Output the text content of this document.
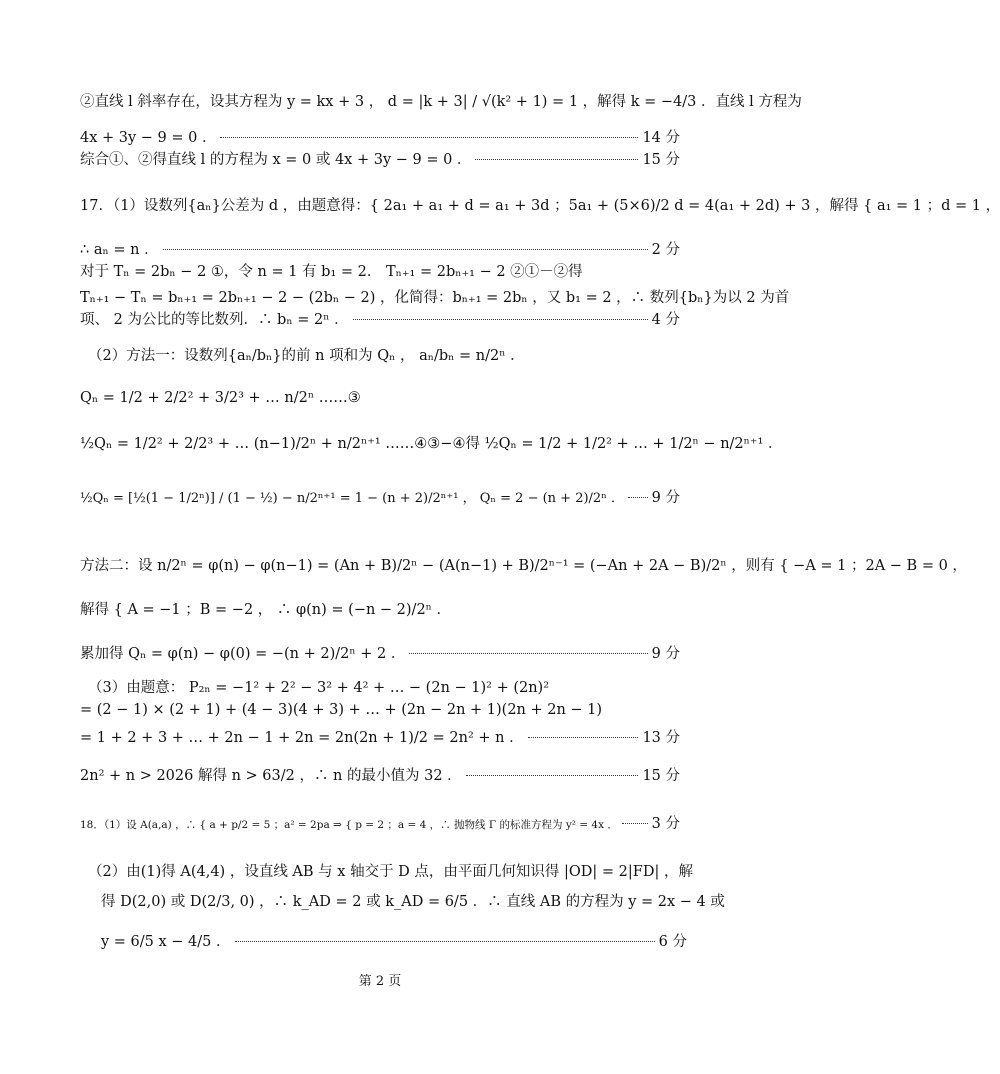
②直线 l 斜率存在，设其方程为 y = kx + 3 ， d = |k + 3| / √(k² + 1) = 1 ，解得 k = −4/3 ．直线 l 方程为
4x + 3y − 9 = 0 ．	14 分
综合①、②得直线 l 的方程为 x = 0 或 4x + 3y − 9 = 0 ．	15 分
17．（1）设数列{aₙ}公差为 d ，由题意得：{ 2a₁ + a₁ + d = a₁ + 3d ；5a₁ + (5×6)/2 d = 4(a₁ + 2d) + 3 ，解得 { a₁ = 1 ；d = 1 ，
∴ aₙ = n ．	2 分
对于 Tₙ = 2bₙ − 2 ①，令 n = 1 有 b₁ = 2． Tₙ₊₁ = 2bₙ₊₁ − 2 ②①－②得
Tₙ₊₁ − Tₙ = bₙ₊₁ = 2bₙ₊₁ − 2 − (2bₙ − 2) ，化简得：bₙ₊₁ = 2bₙ ，又 b₁ = 2 ，∴ 数列{bₙ}为以 2 为首
项、 2 为公比的等比数列．∴ bₙ = 2ⁿ ．	4 分
（2）方法一：设数列{aₙ/bₙ}的前 n 项和为 Qₙ ， aₙ/bₙ = n/2ⁿ ．
Qₙ = 1/2 + 2/2² + 3/2³ + … n/2ⁿ ……③
½Qₙ = 1/2² + 2/2³ + … (n−1)/2ⁿ + n/2ⁿ⁺¹ ……④③−④得 ½Qₙ = 1/2 + 1/2² + … + 1/2ⁿ − n/2ⁿ⁺¹ ．
½Qₙ = [½(1 − 1/2ⁿ)] / (1 − ½) − n/2ⁿ⁺¹ = 1 − (n + 2)/2ⁿ⁺¹ ， Qₙ = 2 − (n + 2)/2ⁿ ． 9 分
方法二：设 n/2ⁿ = φ(n) − φ(n−1) = (An + B)/2ⁿ − (A(n−1) + B)/2ⁿ⁻¹ = (−An + 2A − B)/2ⁿ ，则有 { −A = 1 ；2A − B = 0 ，
解得 { A = −1 ；B = −2 ， ∴ φ(n) = (−n − 2)/2ⁿ ．
累加得 Qₙ = φ(n) − φ(0) = −(n + 2)/2ⁿ + 2 ．	9 分
（3）由题意： P₂ₙ = −1² + 2² − 3² + 4² + … − (2n − 1)² + (2n)²
= (2 − 1) × (2 + 1) + (4 − 3)(4 + 3) + … + (2n − 2n + 1)(2n + 2n − 1)
= 1 + 2 + 3 + … + 2n − 1 + 2n = 2n(2n + 1)/2 = 2n² + n ．	13 分
2n² + n > 2026 解得 n > 63/2 ，∴ n 的最小值为 32 ．	15 分
18．（1）设 A(a,a) ，∴ { a + p/2 = 5 ；a² = 2pa ⇒ { p = 2 ；a = 4 ，∴ 抛物线 Γ 的标准方程为 y² = 4x ． 3 分
（2）由(1)得 A(4,4) ，设直线 AB 与 x 轴交于 D 点，由平面几何知识得 |OD| = 2|FD| ，解
得 D(2,0) 或 D(2/3, 0) ，∴ k_AD = 2 或 k_AD = 6/5 ．∴ 直线 AB 的方程为 y = 2x − 4 或
y = 6/5 x − 4/5 ．	6 分
第 2 页
